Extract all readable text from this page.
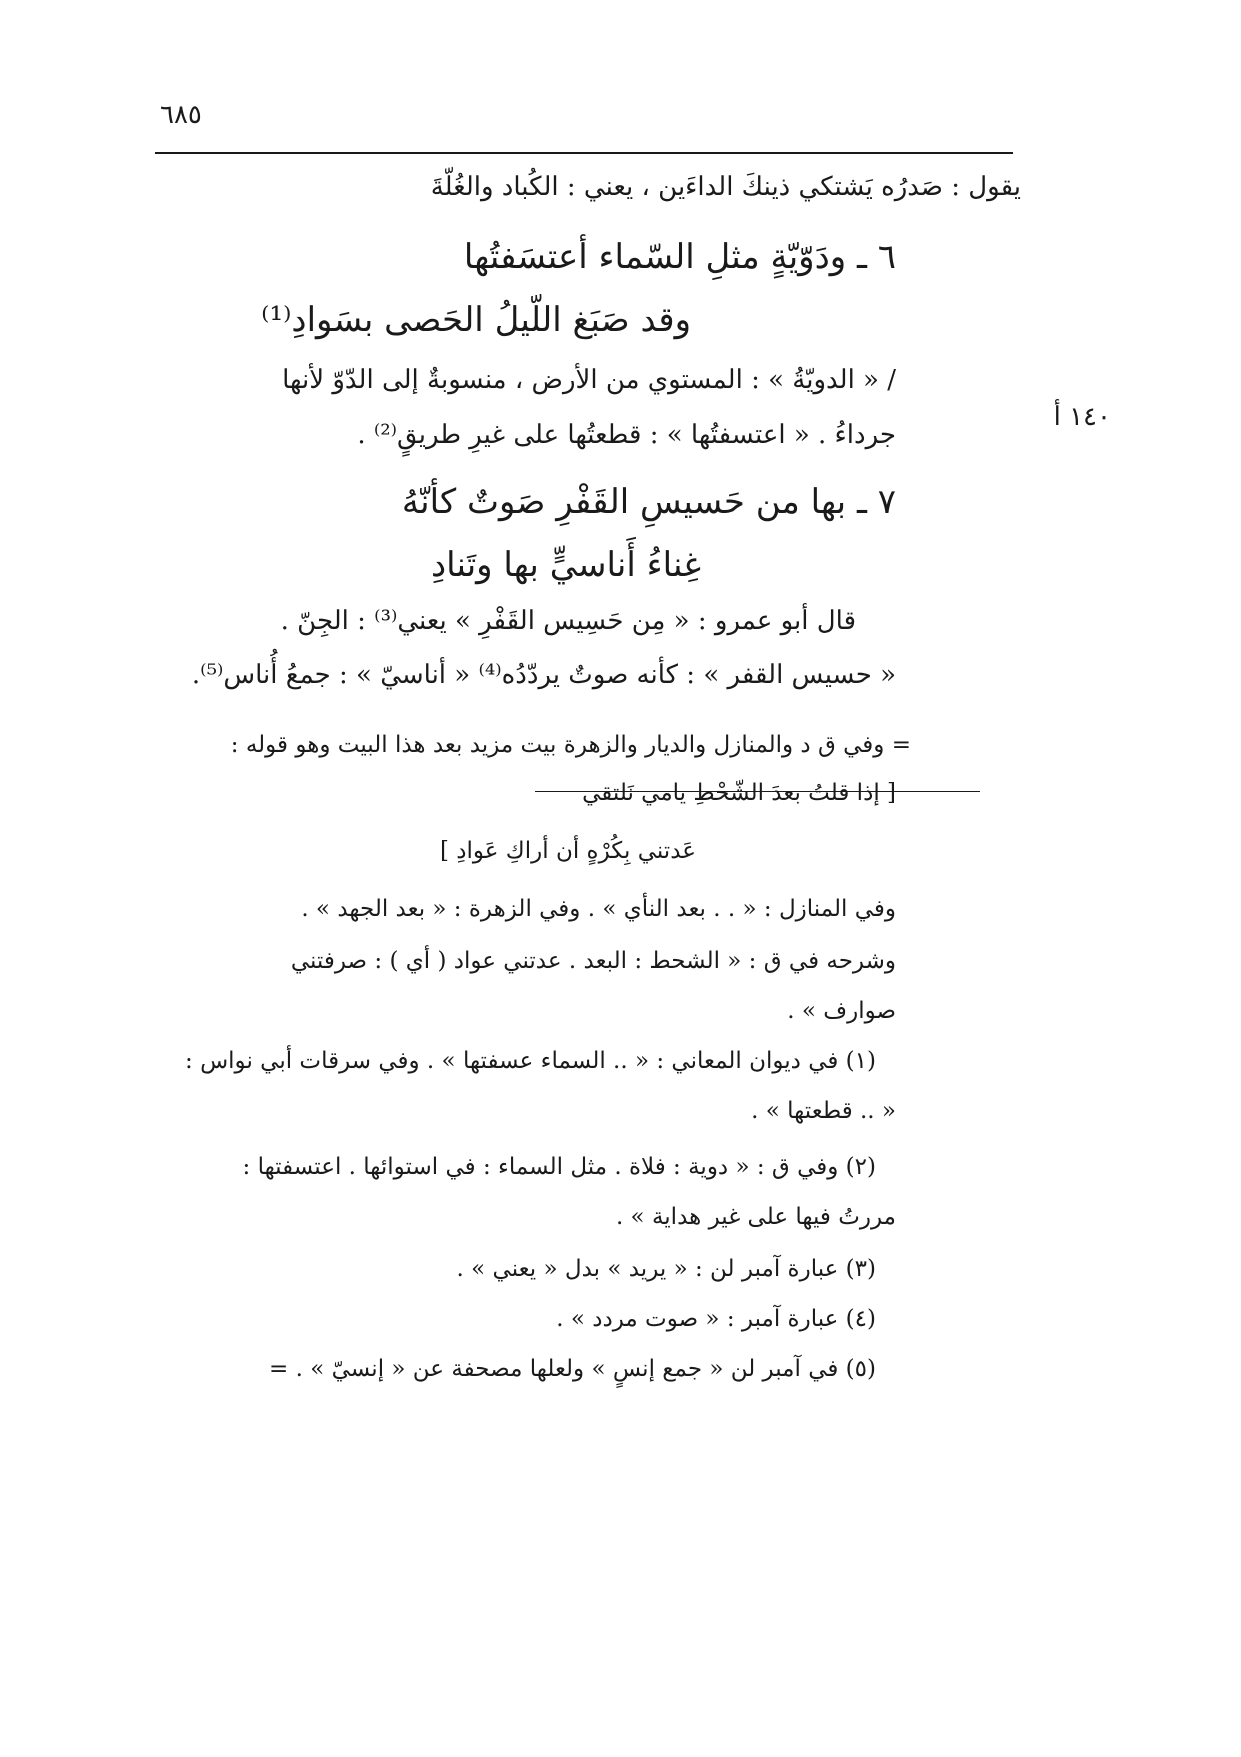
٦٨٥
١٤٠ أ
يقول : صَدرُه يَشتكي ذينكَ الداءَين ، يعني : الكُباد والغُلّةَ
٦ ـ ودَوّيّةٍ مثلِ السّماء أعتسَفتُها
وقد صَبَغ اللّيلُ الحَصى بسَوادِ⁽¹⁾
/ « الدويّةُ » : المستوي من الأرض ، منسوبةٌ إلى الدّوّ لأنها
جرداءُ . « اعتسفتُها » : قطعتُها على غيرِ طريقٍ⁽²⁾ .
٧ ـ بها من حَسيسِ القَفْرِ صَوتٌ كأنّهُ
غِناءُ أَناسيٍّ بها وتَنادِ
قال أبو عمرو : « مِن حَسِيس القَفْرِ » يعني⁽³⁾ : الجِنّ .
« حسيس القفر » : كأنه صوتٌ يردّدُه⁽⁴⁾ « أناسيّ » : جمعُ أُناس⁽⁵⁾.
= وفي ق د والمنازل والديار والزهرة بيت مزيد بعد هذا البيت وهو قوله :
[ إذا قلتُ بعدَ الشّحْطِ يامي نَلتقي
عَدتني بِكُرْهٍ أن أراكِ عَوادِ ]
وفي المنازل : « . . بعد النأي » . وفي الزهرة : « بعد الجهد » .
وشرحه في ق : « الشحط : البعد . عدتني عواد ( أي ) : صرفتني
صوارف » .
(١) في ديوان المعاني : « .. السماء عسفتها » . وفي سرقات أبي نواس :
« .. قطعتها » .
(٢) وفي ق : « دوية : فلاة . مثل السماء : في استوائها . اعتسفتها :
مررتُ فيها على غير هداية » .
(٣) عبارة آمبر لن : « يريد » بدل « يعني » .
(٤) عبارة آمبر : « صوت مردد » .
(٥) في آمبر لن « جمع إنسٍ » ولعلها مصحفة عن « إنسيّ » . =
